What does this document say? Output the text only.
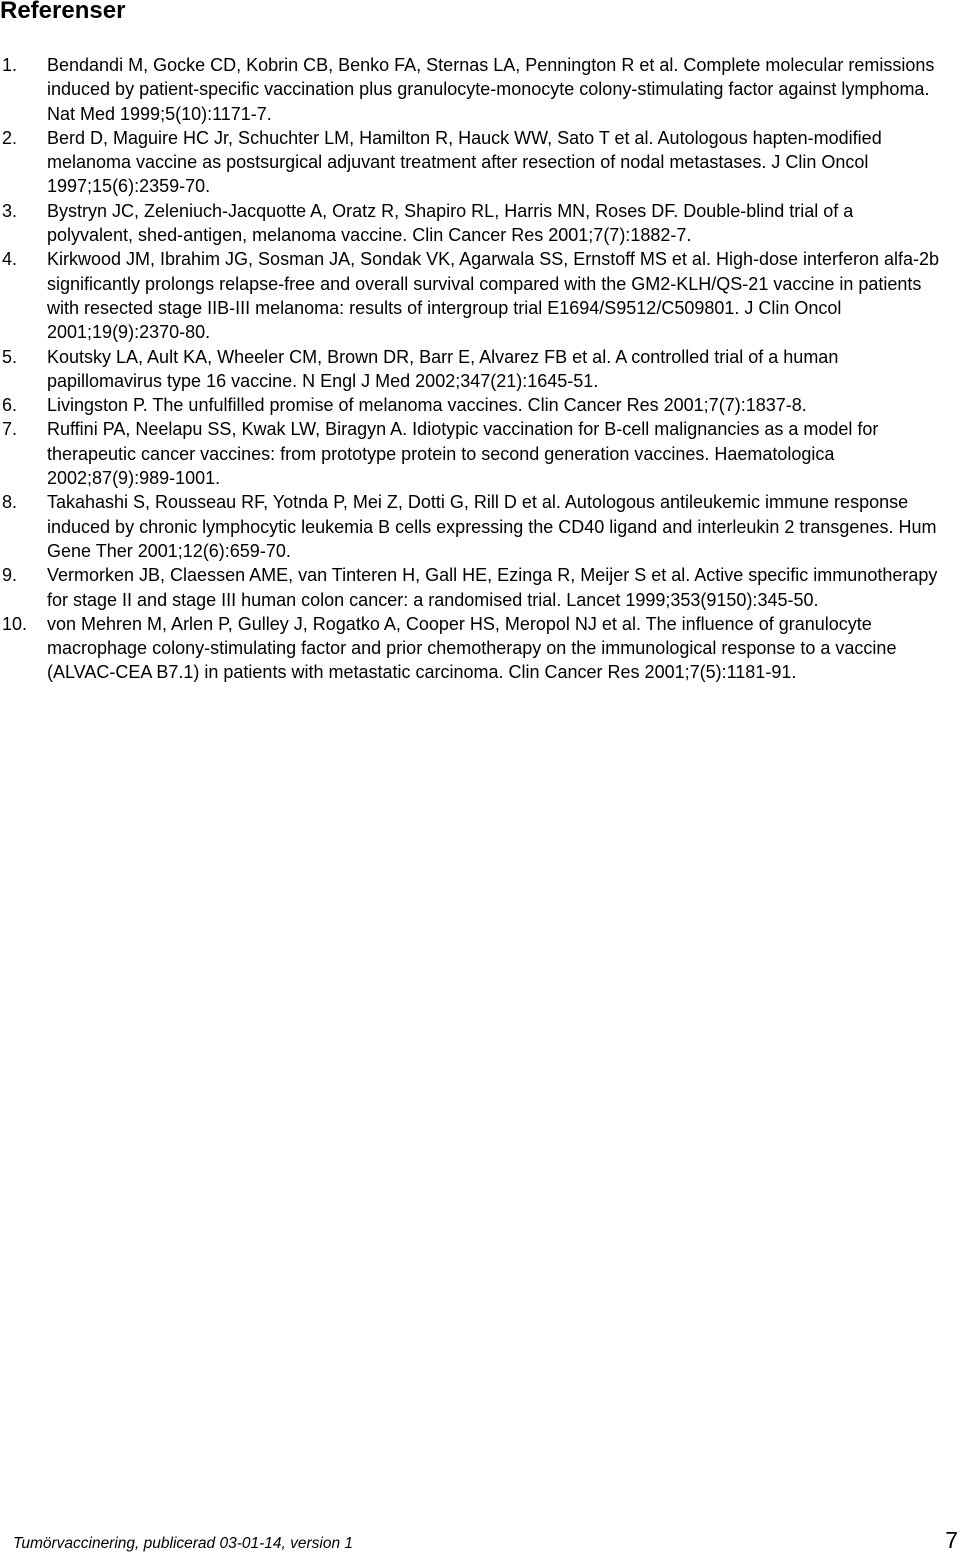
Referenser
1.	Bendandi M, Gocke CD, Kobrin CB, Benko FA, Sternas LA, Pennington R et al. Complete molecular remissions induced by patient-specific vaccination plus granulocyte-monocyte colony-stimulating factor against lymphoma. Nat Med 1999;5(10):1171-7.
2.	Berd D, Maguire HC Jr, Schuchter LM, Hamilton R, Hauck WW, Sato T et al. Autologous hapten-modified melanoma vaccine as postsurgical adjuvant treatment after resection of nodal metastases. J Clin Oncol 1997;15(6):2359-70.
3.	Bystryn JC, Zeleniuch-Jacquotte A, Oratz R, Shapiro RL, Harris MN, Roses DF. Double-blind trial of a polyvalent, shed-antigen, melanoma vaccine. Clin Cancer Res 2001;7(7):1882-7.
4.	Kirkwood JM, Ibrahim JG, Sosman JA, Sondak VK, Agarwala SS, Ernstoff MS et al. High-dose interferon alfa-2b significantly prolongs relapse-free and overall survival compared with the GM2-KLH/QS-21 vaccine in patients with resected stage IIB-III melanoma: results of intergroup trial E1694/S9512/C509801. J Clin Oncol 2001;19(9):2370-80.
5.	Koutsky LA, Ault KA, Wheeler CM, Brown DR, Barr E, Alvarez FB et al. A controlled trial of a human papillomavirus type 16 vaccine. N Engl J Med 2002;347(21):1645-51.
6.	Livingston P. The unfulfilled promise of melanoma vaccines. Clin Cancer Res 2001;7(7):1837-8.
7.	Ruffini PA, Neelapu SS, Kwak LW, Biragyn A. Idiotypic vaccination for B-cell malignancies as a model for therapeutic cancer vaccines: from prototype protein to second generation vaccines. Haematologica 2002;87(9):989-1001.
8.	Takahashi S, Rousseau RF, Yotnda P, Mei Z, Dotti G, Rill D et al. Autologous antileukemic immune response induced by chronic lymphocytic leukemia B cells expressing the CD40 ligand and interleukin 2 transgenes. Hum Gene Ther 2001;12(6):659-70.
9.	Vermorken JB, Claessen AME, van Tinteren H, Gall HE, Ezinga R, Meijer S et al. Active specific immunotherapy for stage II and stage III human colon cancer: a randomised trial. Lancet 1999;353(9150):345-50.
10.	von Mehren M, Arlen P, Gulley J, Rogatko A, Cooper HS, Meropol NJ et al. The influence of granulocyte macrophage colony-stimulating factor and prior chemotherapy on the immunological response to a vaccine (ALVAC-CEA B7.1) in patients with metastatic carcinoma. Clin Cancer Res 2001;7(5):1181-91.
Tumörvaccinering, publicerad 03-01-14, version 1	7
